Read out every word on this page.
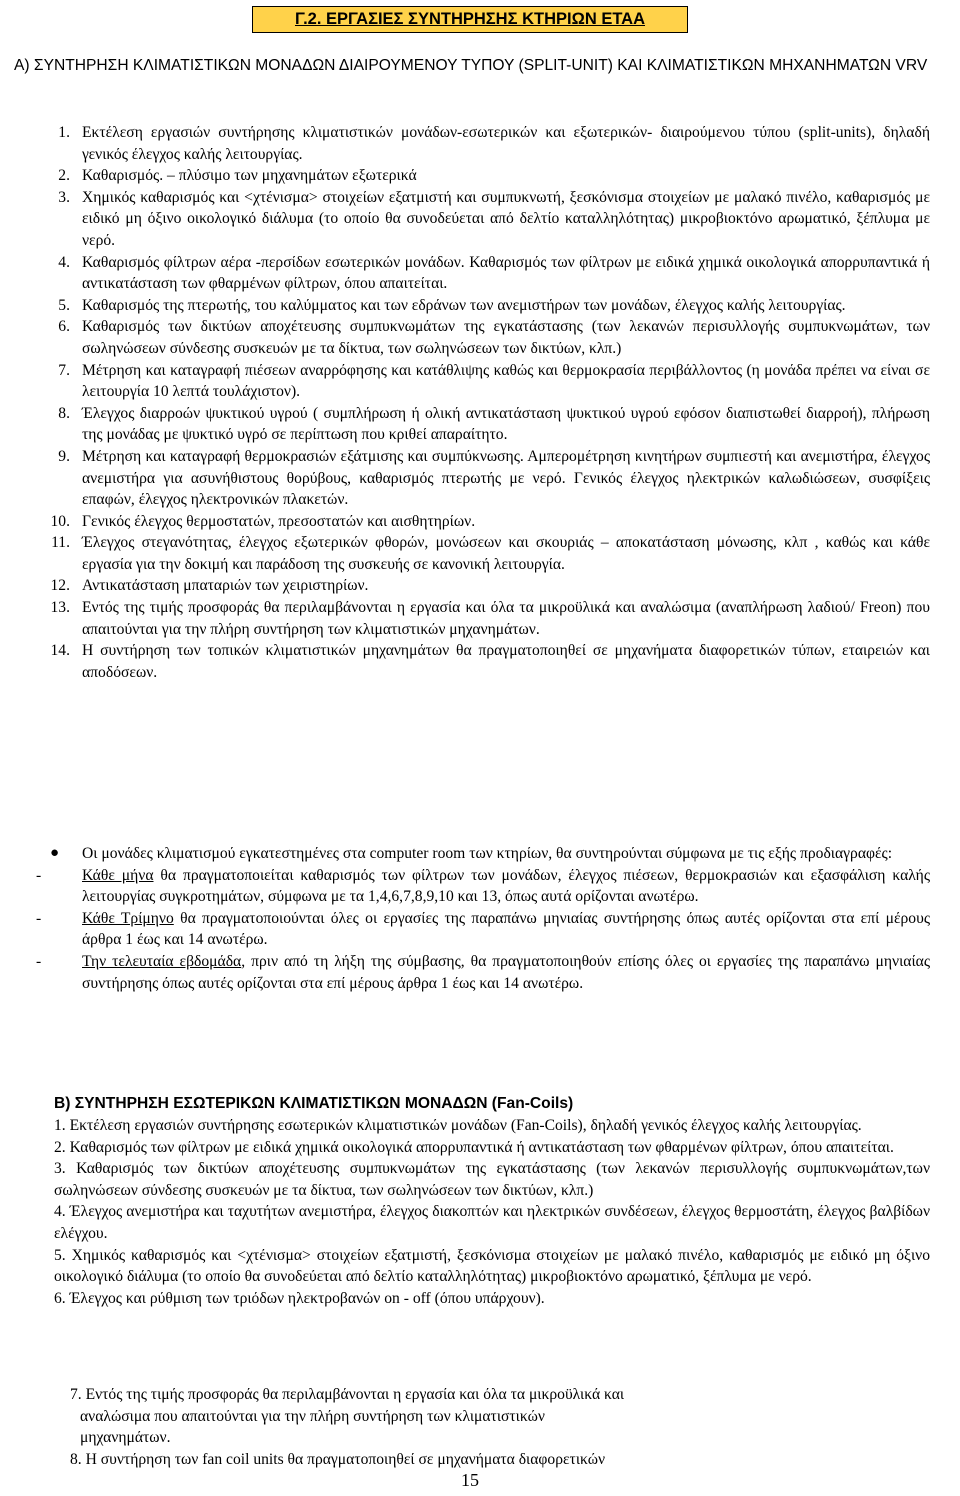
Γ.2. ΕΡΓΑΣΙΕΣ ΣΥΝΤΗΡΗΣΗΣ ΚΤΗΡΙΩΝ ΕΤΑΑ
Α) ΣΥΝΤΗΡΗΣΗ ΚΛΙΜΑΤΙΣΤΙΚΩΝ ΜΟΝΑΔΩΝ ΔΙΑΙΡΟΥΜΕΝΟΥ ΤΥΠΟΥ (SPLIT-UNIT) ΚΑΙ ΚΛΙΜΑΤΙΣΤΙΚΩΝ ΜΗΧΑΝΗΜΑΤΩΝ VRV
1. Εκτέλεση εργασιών συντήρησης κλιματιστικών μονάδων-εσωτερικών και εξωτερικών- διαιρούμενου τύπου (split-units), δηλαδή γενικός έλεγχος καλής λειτουργίας.
2. Καθαρισμός. – πλύσιμο των μηχανημάτων εξωτερικά
3. Χημικός καθαρισμός και <χτένισμα> στοιχείων εξατμιστή και συμπυκνωτή, ξεσκόνισμα στοιχείων με μαλακό πινέλο, καθαρισμός με ειδικό μη όξινο οικολογικό διάλυμα (το οποίο θα συνοδεύεται από δελτίο καταλληλότητας) μικροβιοκτόνο αρωματικό, ξέπλυμα με νερό.
4. Καθαρισμός φίλτρων αέρα -περσίδων εσωτερικών μονάδων. Καθαρισμός των φίλτρων με ειδικά χημικά οικολογικά απορρυπαντικά ή αντικατάσταση των φθαρμένων φίλτρων, όπου απαιτείται.
5. Καθαρισμός της πτερωτής, του καλύμματος και των εδράνων των ανεμιστήρων των μονάδων, έλεγχος καλής λειτουργίας.
6. Καθαρισμός των δικτύων αποχέτευσης συμπυκνωμάτων της εγκατάστασης (των λεκανών περισυλλογής συμπυκνωμάτων, των σωληνώσεων σύνδεσης συσκευών με τα δίκτυα, των σωληνώσεων των δικτύων, κλπ.)
7. Μέτρηση και καταγραφή πιέσεων αναρρόφησης και κατάθλιψης καθώς και θερμοκρασία περιβάλλοντος (η μονάδα πρέπει να είναι σε λειτουργία 10 λεπτά τουλάχιστον).
8. Έλεγχος διαρροών ψυκτικού υγρού ( συμπλήρωση ή ολική αντικατάσταση ψυκτικού υγρού εφόσον διαπιστωθεί διαρροή), πλήρωση της μονάδας με ψυκτικό υγρό σε περίπτωση που κριθεί απαραίτητο.
9. Μέτρηση και καταγραφή θερμοκρασιών εξάτμισης και συμπύκνωσης. Αμπερομέτρηση κινητήρων συμπιεστή και ανεμιστήρα, έλεγχος ανεμιστήρα για ασυνήθιστους θορύβους, καθαρισμός πτερωτής με νερό. Γενικός έλεγχος ηλεκτρικών καλωδιώσεων, συσφίξεις επαφών, έλεγχος ηλεκτρονικών πλακετών.
10. Γενικός έλεγχος θερμοστατών, πρεσοστατών και αισθητηρίων.
11. Έλεγχος στεγανότητας, έλεγχος εξωτερικών φθορών, μονώσεων και σκουριάς – αποκατάσταση μόνωσης, κλπ , καθώς και κάθε εργασία για την δοκιμή και παράδοση της συσκευής σε κανονική λειτουργία.
12. Αντικατάσταση μπαταριών των χειριστηρίων.
13. Εντός της τιμής προσφοράς θα περιλαμβάνονται η εργασία και όλα τα μικροϋλικά και αναλώσιμα (αναπλήρωση λαδιού/ Freon) που απαιτούνται για την πλήρη συντήρηση των κλιματιστικών μηχανημάτων.
14. Η συντήρηση των τοπικών κλιματιστικών μηχανημάτων θα πραγματοποιηθεί σε μηχανήματα διαφορετικών τύπων, εταιρειών και αποδόσεων.
● Οι μονάδες κλιματισμού εγκατεστημένες στα computer room των κτηρίων, θα συντηρούνται σύμφωνα με τις εξής προδιαγραφές:
-	Κάθε μήνα θα πραγματοποιείται καθαρισμός των φίλτρων των μονάδων, έλεγχος πιέσεων, θερμοκρασιών και εξασφάλιση καλής λειτουργίας συγκροτημάτων, σύμφωνα με τα 1,4,6,7,8,9,10 και 13, όπως αυτά ορίζονται ανωτέρω.
-	Κάθε Τρίμηνο θα πραγματοποιούνται όλες οι εργασίες της παραπάνω μηνιαίας συντήρησης όπως αυτές ορίζονται στα επί μέρους άρθρα 1 έως και 14 ανωτέρω.
-	Την τελευταία εβδομάδα, πριν από τη λήξη της σύμβασης, θα πραγματοποιηθούν επίσης όλες οι εργασίες της παραπάνω μηνιαίας συντήρησης όπως αυτές ορίζονται στα επί μέρους άρθρα 1 έως και 14 ανωτέρω.
Β) ΣΥΝΤΗΡΗΣΗ ΕΣΩΤΕΡΙΚΩΝ ΚΛΙΜΑΤΙΣΤΙΚΩΝ ΜΟΝΑΔΩΝ (Fan-Coils)
1. Εκτέλεση εργασιών συντήρησης εσωτερικών κλιματιστικών μονάδων (Fan-Coils), δηλαδή γενικός έλεγχος καλής λειτουργίας.
2. Καθαρισμός των φίλτρων με ειδικά χημικά οικολογικά απορρυπαντικά ή αντικατάσταση των φθαρμένων φίλτρων, όπου απαιτείται.
3. Καθαρισμός των δικτύων αποχέτευσης συμπυκνωμάτων της εγκατάστασης (των λεκανών περισυλλογής συμπυκνωμάτων,των σωληνώσεων σύνδεσης συσκευών με τα δίκτυα, των σωληνώσεων των δικτύων, κλπ.)
4. Έλεγχος ανεμιστήρα και ταχυτήτων ανεμιστήρα, έλεγχος διακοπτών και ηλεκτρικών συνδέσεων, έλεγχος θερμοστάτη, έλεγχος βαλβίδων ελέγχου.
5. Χημικός καθαρισμός και <χτένισμα> στοιχείων εξατμιστή, ξεσκόνισμα στοιχείων με μαλακό πινέλο, καθαρισμός με ειδικό μη όξινο οικολογικό διάλυμα (το οποίο θα συνοδεύεται από δελτίο καταλληλότητας) μικροβιοκτόνο αρωματικό, ξέπλυμα με νερό.
6. Έλεγχος και ρύθμιση των τριόδων ηλεκτροβανών on - off (όπου υπάρχουν).
7. Εντός της τιμής προσφοράς θα περιλαμβάνονται η εργασία και όλα τα μικροϋλικά και
αναλώσιμα που απαιτούνται για την πλήρη συντήρηση των κλιματιστικών
μηχανημάτων.
8. Η συντήρηση των fan coil units θα πραγματοποιηθεί σε μηχανήματα διαφορετικών
15
